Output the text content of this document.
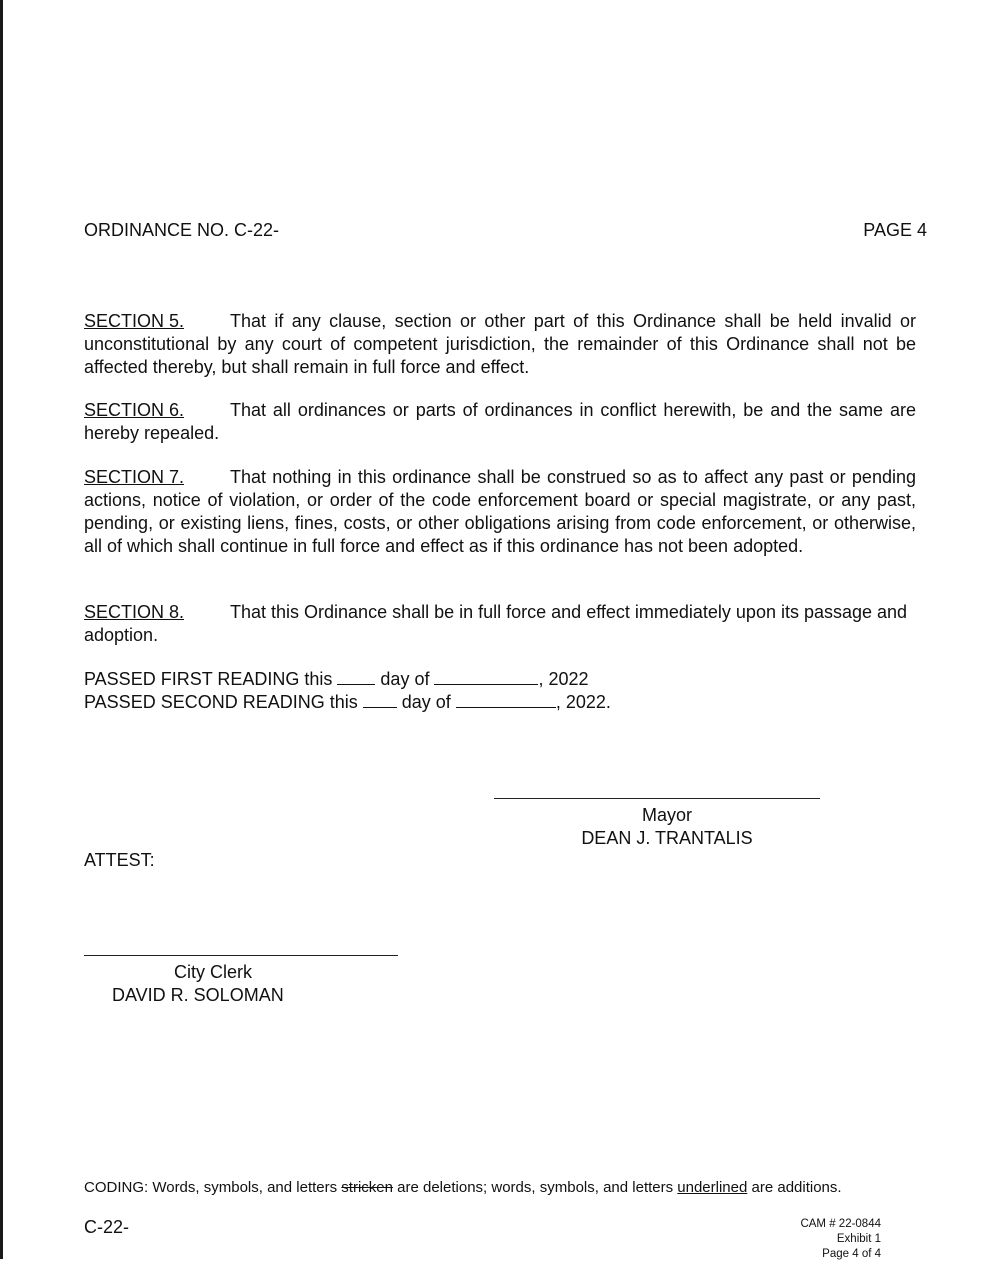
ORDINANCE NO. C-22-	PAGE 4

SECTION 5.	That if any clause, section or other part of this Ordinance shall be held invalid or unconstitutional by any court of competent jurisdiction, the remainder of this Ordinance shall not be affected thereby, but shall remain in full force and effect.

SECTION 6.	That all ordinances or parts of ordinances in conflict herewith, be and the same are hereby repealed.

SECTION 7.	That nothing in this ordinance shall be construed so as to affect any past or pending actions, notice of violation, or order of the code enforcement board or special magistrate, or any past, pending, or existing liens, fines, costs, or other obligations arising from code enforcement, or otherwise, all of which shall continue in full force and effect as if this ordinance has not been adopted.

SECTION 8.	That this Ordinance shall be in full force and effect immediately upon its passage and adoption.

PASSED FIRST READING this	day of	, 2022
PASSED SECOND READING this day of	, 2022.
Mayor
DEAN J. TRANTALIS
ATTEST:
City Clerk
DAVID R. SOLOMAN
CODING: Words, symbols, and letters stricken are deletions; words, symbols, and letters underlined are additions.
C-22-	CAM # 22-0844
Exhibit 1
Page 4 of 4
